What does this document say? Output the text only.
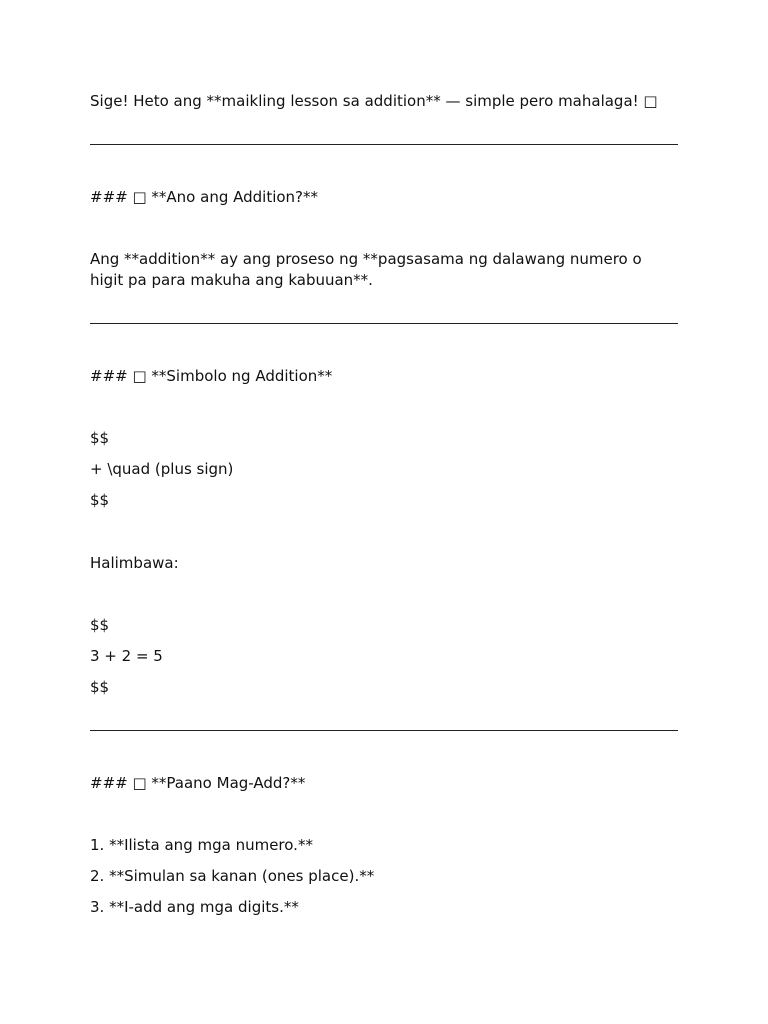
Sige! Heto ang **maikling lesson sa addition** — simple pero mahalaga! □
### □ **Ano ang Addition?**
Ang **addition** ay ang proseso ng **pagsasama ng dalawang numero o higit pa para makuha ang kabuuan**.
### □ **Simbolo ng Addition**
$$
+ \quad (plus sign)
$$
Halimbawa:
$$
3 + 2 = 5
$$
### □ **Paano Mag-Add?**
1. **Ilista ang mga numero.**
2. **Simulan sa kanan (ones place).**
3. **I-add ang mga digits.**
